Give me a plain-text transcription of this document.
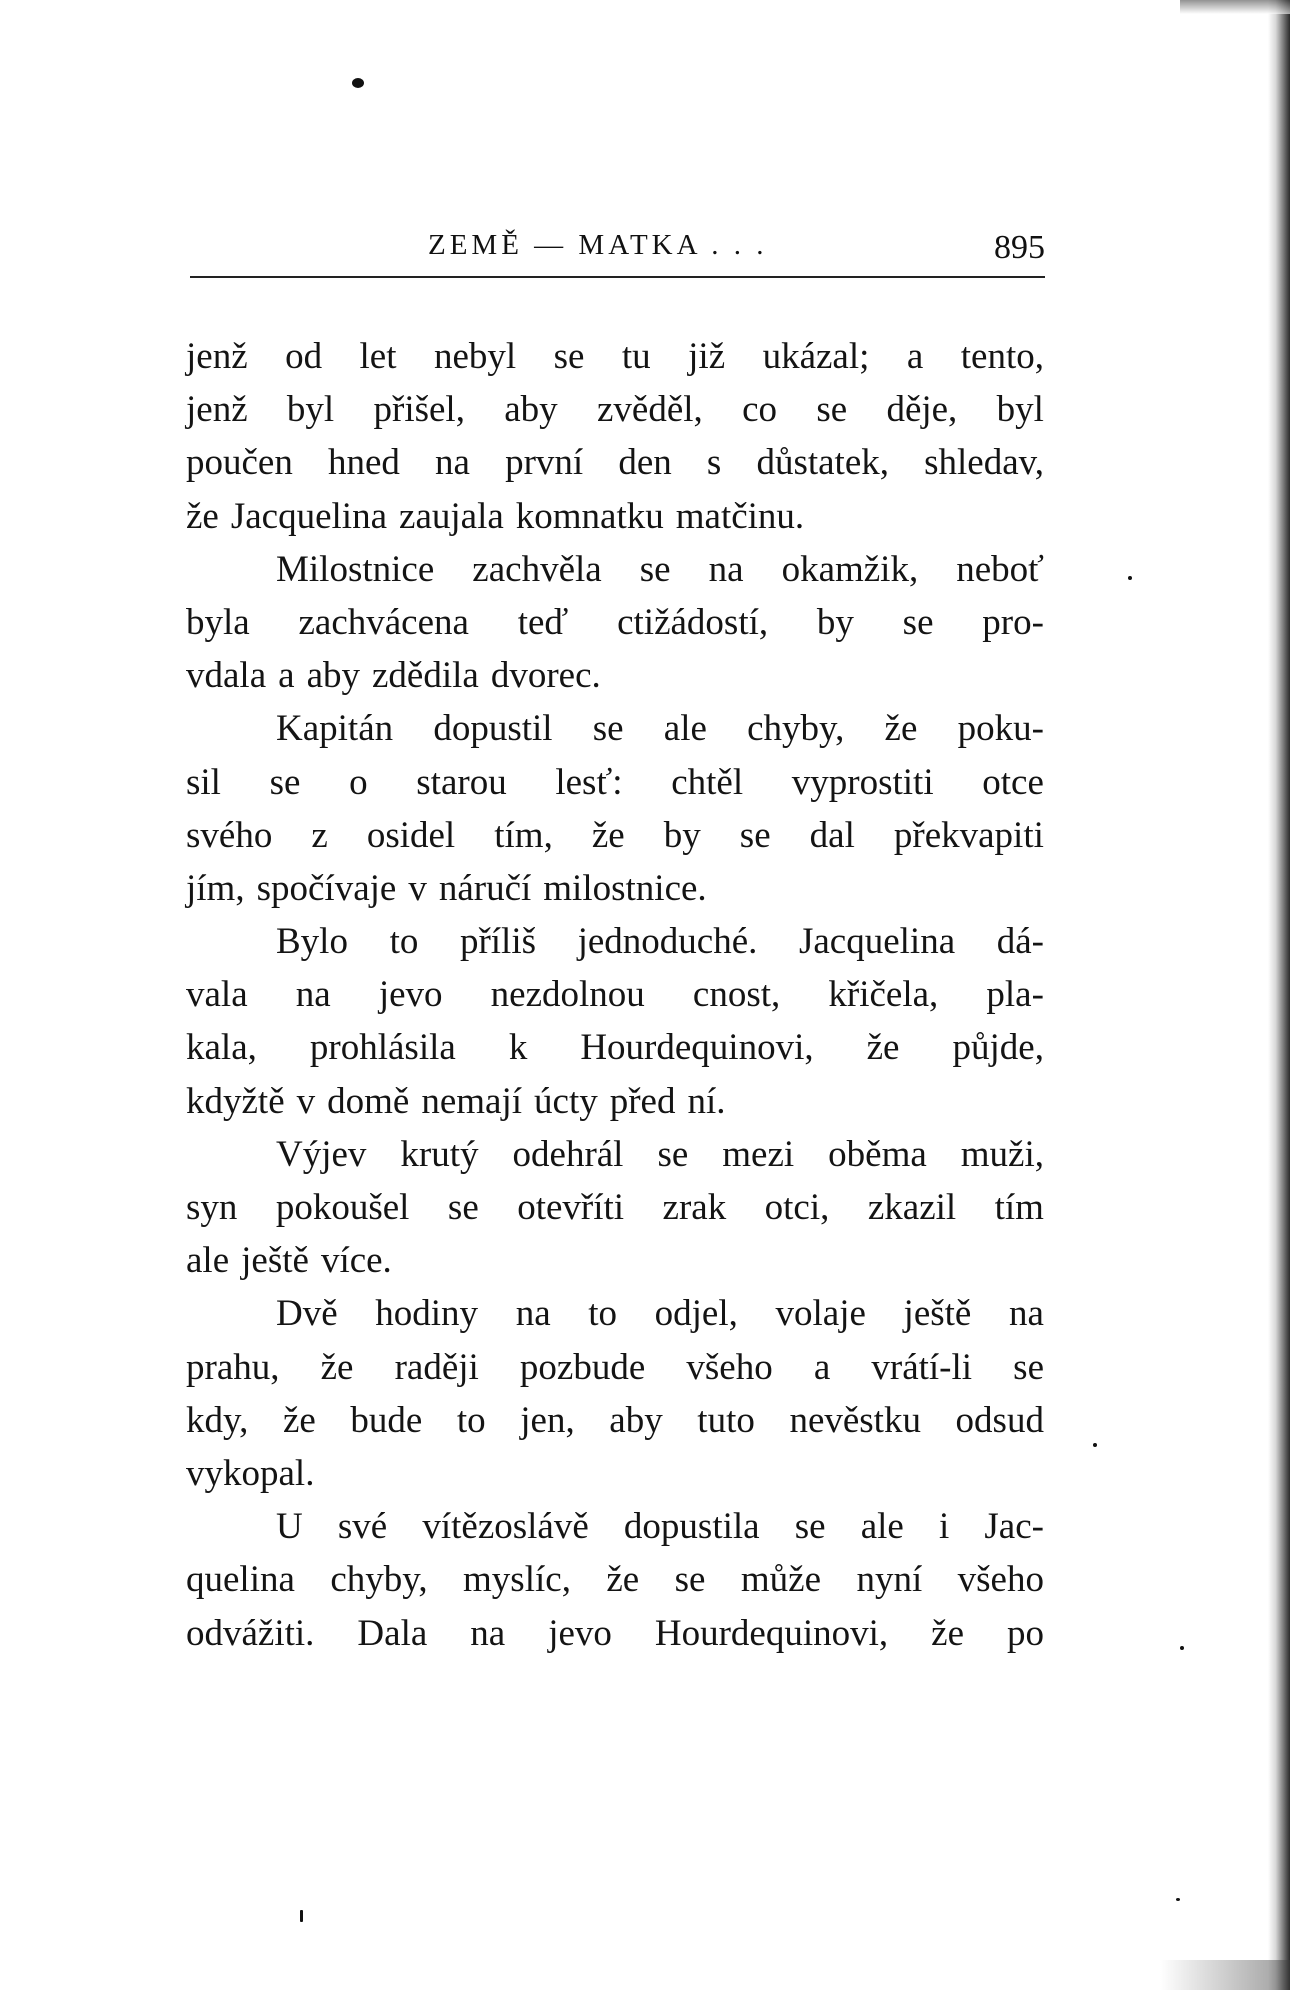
ZEMĚ — MATKA . . .	895
jenž od let nebyl se tu již ukázal; a tento,
jenž byl přišel, aby zvěděl, co se děje, byl
poučen hned na první den s důstatek, shledav,
že Jacquelina zaujala komnatku matčinu.
Milostnice zachvěla se na okamžik, neboť
byla zachvácena teď ctižádostí, by se pro-
vdala a aby zdědila dvorec.
Kapitán dopustil se ale chyby, že poku-
sil se o starou lesť: chtěl vyprostiti otce
svého z osidel tím, že by se dal překvapiti
jím, spočívaje v náručí milostnice.
Bylo to příliš jednoduché. Jacquelina dá-
vala na jevo nezdolnou cnost, křičela, pla-
kala, prohlásila k Hourdequinovi, že půjde,
kdyžtě v domě nemají úcty před ní.
Výjev krutý odehrál se mezi oběma muži,
syn pokoušel se otevříti zrak otci, zkazil tím
ale ještě více.
Dvě hodiny na to odjel, volaje ještě na
prahu, že raději pozbude všeho a vrátí-li se
kdy, že bude to jen, aby tuto nevěstku odsud
vykopal.
U své vítězoslávě dopustila se ale i Jac-
quelina chyby, myslíc, že se může nyní všeho
odvážiti. Dala na jevo Hourdequinovi, že po
